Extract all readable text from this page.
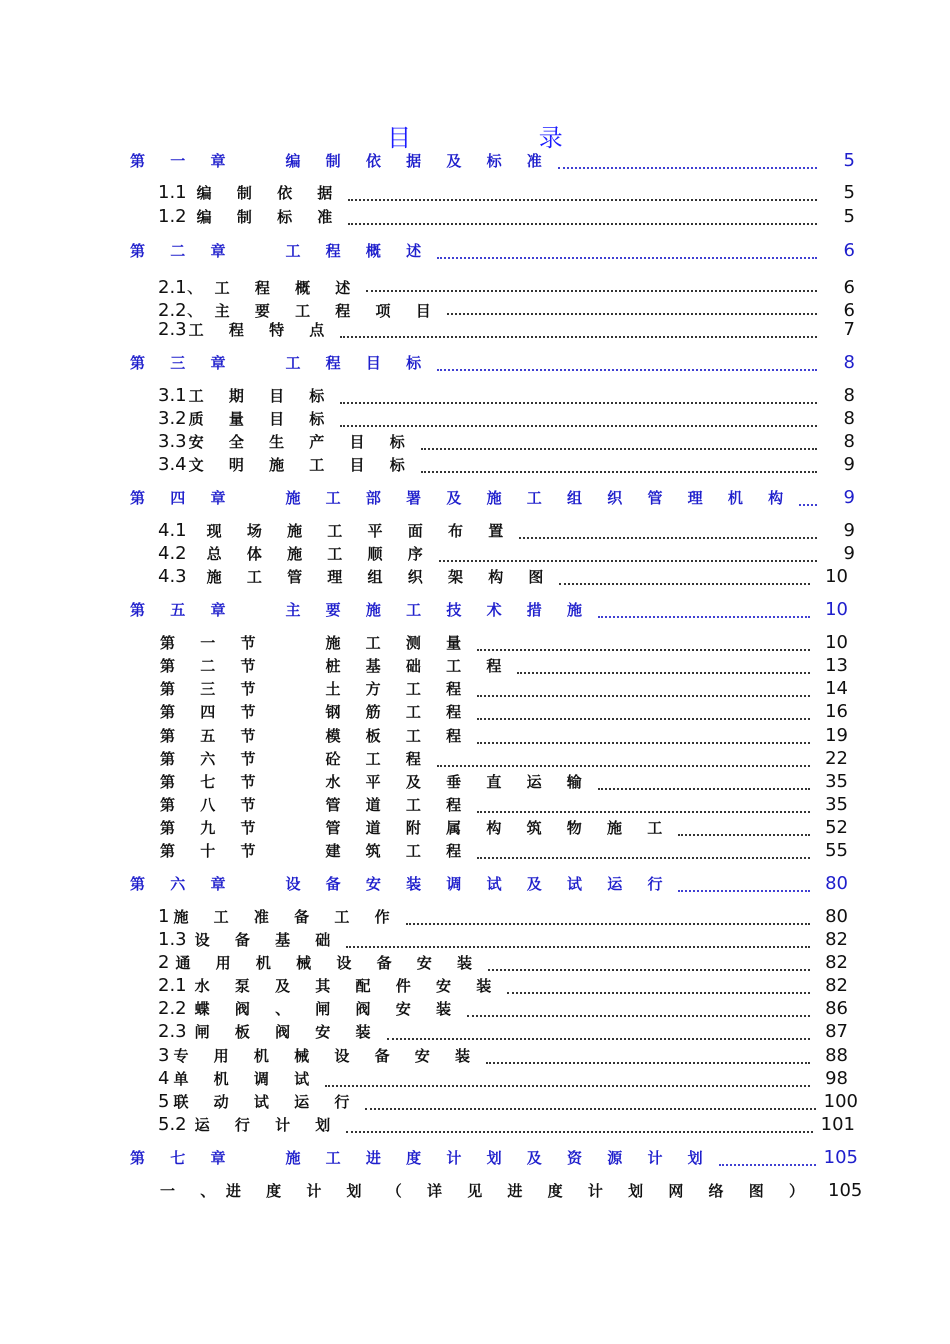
目 录
第 一 章	编 制 依 据 及 标 准	5
1.1 编 制 依 据	5
1.2 编 制 标 准	5
第 二 章	工 程 概 述	6
2.1、 工 程 概 述	6
2.2、 主 要 工 程 项 目	6
2.3 工 程 特 点	7
第 三 章	工 程 目 标	8
3.1 工 期 目 标	8
3.2 质 量 目 标	8
3.3 安 全 生 产 目 标	8
3.4 文 明 施 工 目 标	9
第 四 章	施 工 部 署 及 施 工 组 织 管 理 机 构	9
4.1 现 场 施 工 平 面 布 置	9
4.2 总 体 施 工 顺 序	9
4.3 施 工 管 理 组 织 架 构 图	10
第 五 章	主 要 施 工 技 术 措 施	10
第 一 节	施 工 测 量	10
第 二 节	桩 基 础 工 程	13
第 三 节	土 方 工 程	14
第 四 节	钢 筋 工 程	16
第 五 节	模 板 工 程	19
第 六 节	砼 工 程	22
第 七 节	水 平 及 垂 直 运 输	35
第 八 节	管 道 工 程	35
第 九 节	管 道 附 属 构 筑 物 施 工	52
第 十 节	建 筑 工 程	55
第 六 章	设 备 安 装 调 试 及 试 运 行	80
1 施 工 准 备 工 作	80
1.3 设 备 基 础	82
2 通 用 机 械 设 备 安 装	82
2.1 水 泵 及 其 配 件 安 装	82
2.2 蝶 阀 、 闸 阀 安 装	86
2.3 闸 板 阀 安 装	87
3 专 用 机 械 设 备 安 装	88
4 单 机 调 试	98
5 联 动 试 运 行	100
5.2 运 行 计 划	101
第 七 章	施 工 进 度 计 划 及 资 源 计 划	105
一 、 进 度 计 划 （ 详 见 进 度 计 划 网 络 图 ） 105
